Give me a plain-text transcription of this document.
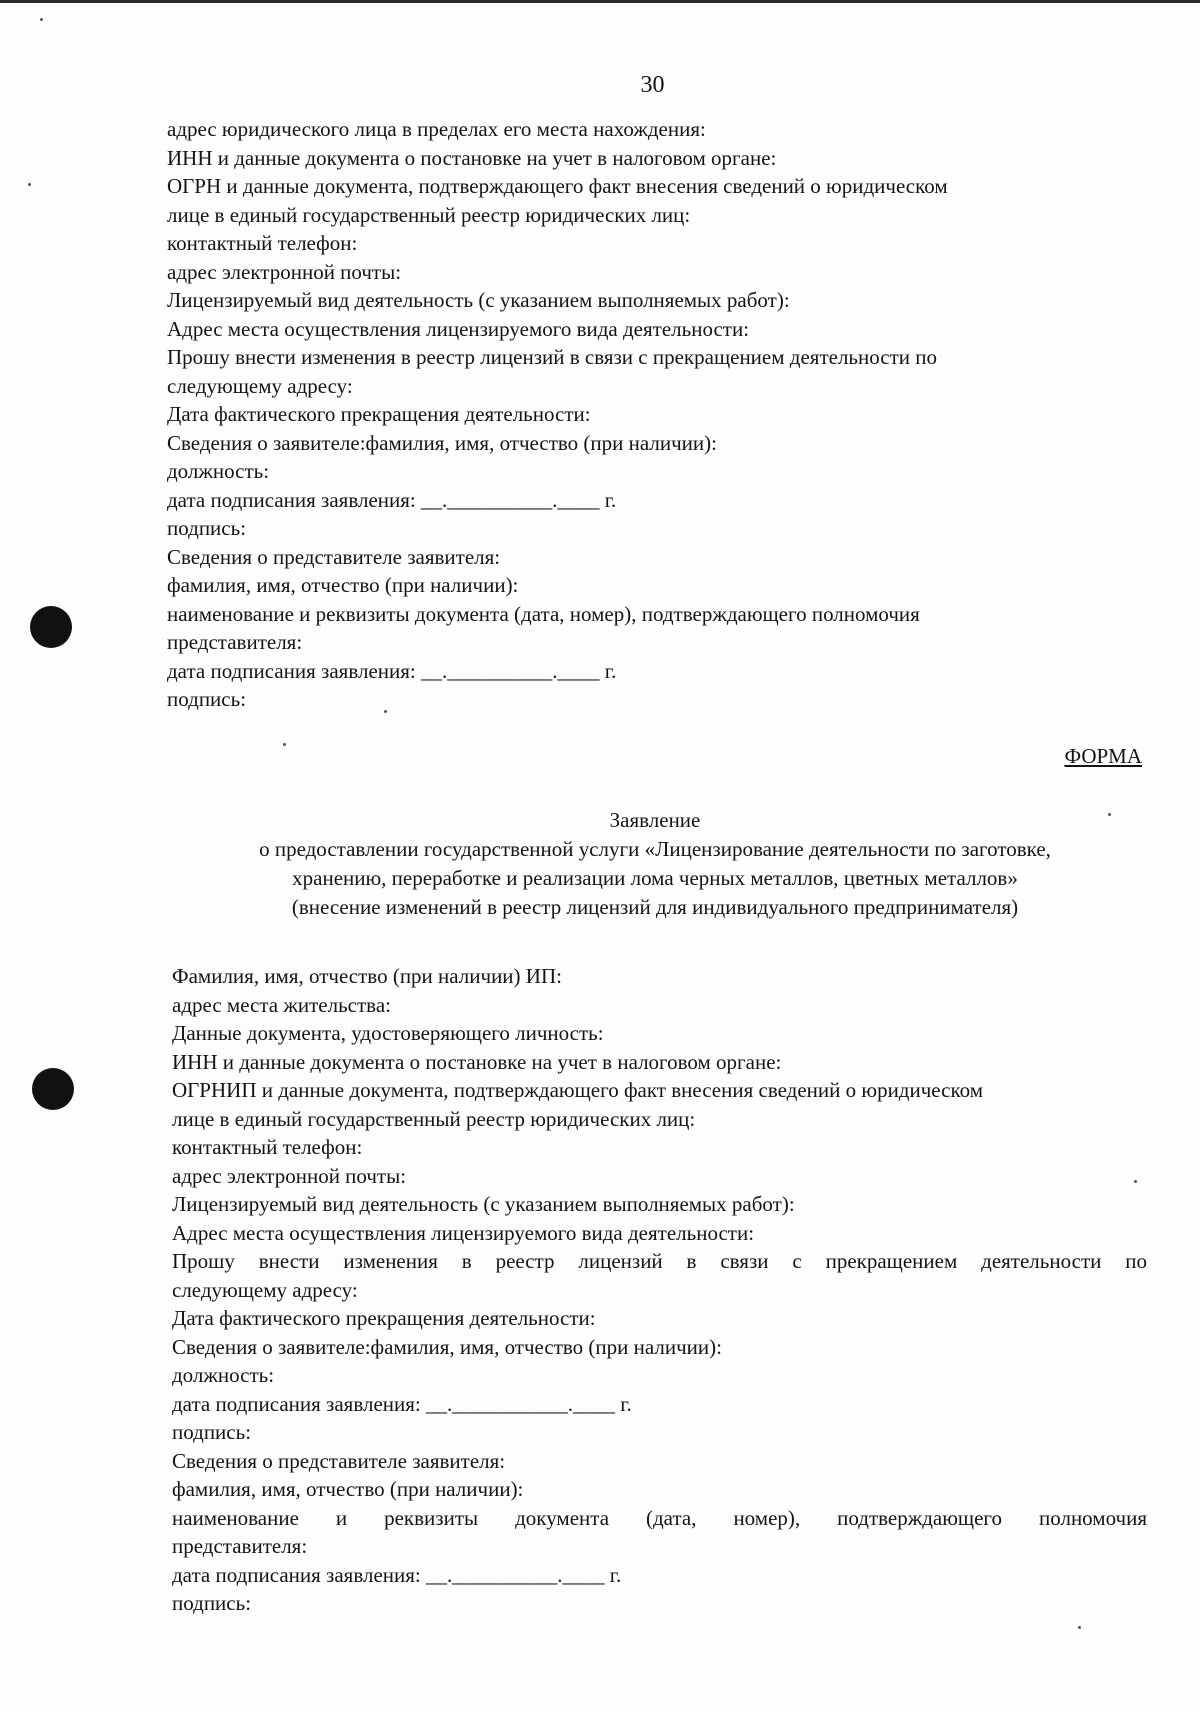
30
адрес юридического лица в пределах его места нахождения:
ИНН и данные документа о постановке на учет в налоговом органе:
ОГРН и данные документа, подтверждающего факт внесения сведений о юридическом
лице в единый государственный реестр юридических лиц:
контактный телефон:
адрес электронной почты:
Лицензируемый вид деятельность (с указанием выполняемых работ):
Адрес места осуществления лицензируемого вида деятельности:
Прошу внести изменения в реестр лицензий в связи с прекращением деятельности по
следующему адресу:
Дата фактического прекращения деятельности:
Сведения о заявителе:фамилия, имя, отчество (при наличии):
должность:
дата подписания заявления: __.__________.____ г.
подпись:
Сведения о представителе заявителя:
фамилия, имя, отчество (при наличии):
наименование и реквизиты документа (дата, номер), подтверждающего полномочия
представителя:
дата подписания заявления: __.__________.____ г.
подпись:
ФОРМА
Заявление
о предоставлении государственной услуги «Лицензирование деятельности по заготовке,
хранению, переработке и реализации лома черных металлов, цветных металлов»
(внесение изменений в реестр лицензий для индивидуального предпринимателя)
Фамилия, имя, отчество (при наличии) ИП:
адрес места жительства:
Данные документа, удостоверяющего личность:
ИНН и данные документа о постановке на учет в налоговом органе:
ОГРНИП и данные документа, подтверждающего факт внесения сведений о юридическом
лице в единый государственный реестр юридических лиц:
контактный телефон:
адрес электронной почты:
Лицензируемый вид деятельность (с указанием выполняемых работ):
Адрес места осуществления лицензируемого вида деятельности:
Прошу внести изменения в реестр лицензий в связи с прекращением деятельности по
следующему адресу:
Дата фактического прекращения деятельности:
Сведения о заявителе:фамилия, имя, отчество (при наличии):
должность:
дата подписания заявления: __.___________.____ г.
подпись:
Сведения о представителе заявителя:
фамилия, имя, отчество (при наличии):
наименование и реквизиты документа (дата, номер), подтверждающего полномочия
представителя:
дата подписания заявления: __.__________.____ г.
подпись:
